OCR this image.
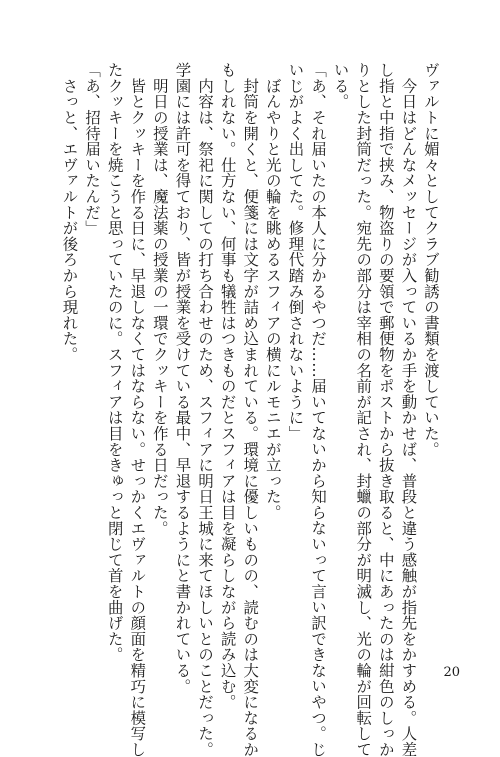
ヴァルトに媚々としてクラブ勧誘の書類を渡していた。
　今日はどんなメッセージが入っているか手を動かせば、普段と違う感触が指先をかすめる。人差
し指と中指で挟み、物盗りの要領で郵便物をポストから抜き取ると、中にあったのは紺色のしっか
りとした封筒だった。宛先の部分は宰相の名前が記され、封蠟の部分が明滅し、光の輪が回転して
いる。
「あ、それ届いたの本人に分かるやつだ……届いてないから知らないって言い訳できないやつ。じ
いじがよく出してた。修理代踏み倒されないように」
　ぼんやりと光の輪を眺めるスフィアの横にルモニエが立った。
　封筒を開くと、便箋には文字が詰め込まれている。環境に優しいものの、読むのは大変になるか
もしれない。仕方ない、何事も犠牲はつきものだとスフィアは目を凝らしながら読み込む。
　内容は、祭祀に関しての打ち合わせのため、スフィアに明日王城に来てほしいとのことだった。
学園には許可を得ており、皆が授業を受けている最中、早退するようにと書かれている。
　明日の授業は、魔法薬の授業の一環でクッキーを作る日だった。
　皆とクッキーを作る日に、早退しなくてはならない。せっかくエヴァルトの顔面を精巧に模写し
たクッキーを焼こうと思っていたのに。スフィアは目をきゅっと閉じて首を曲げた。
「あ、招待届いたんだ」
　さっと、エヴァルトが後ろから現れた。
20
